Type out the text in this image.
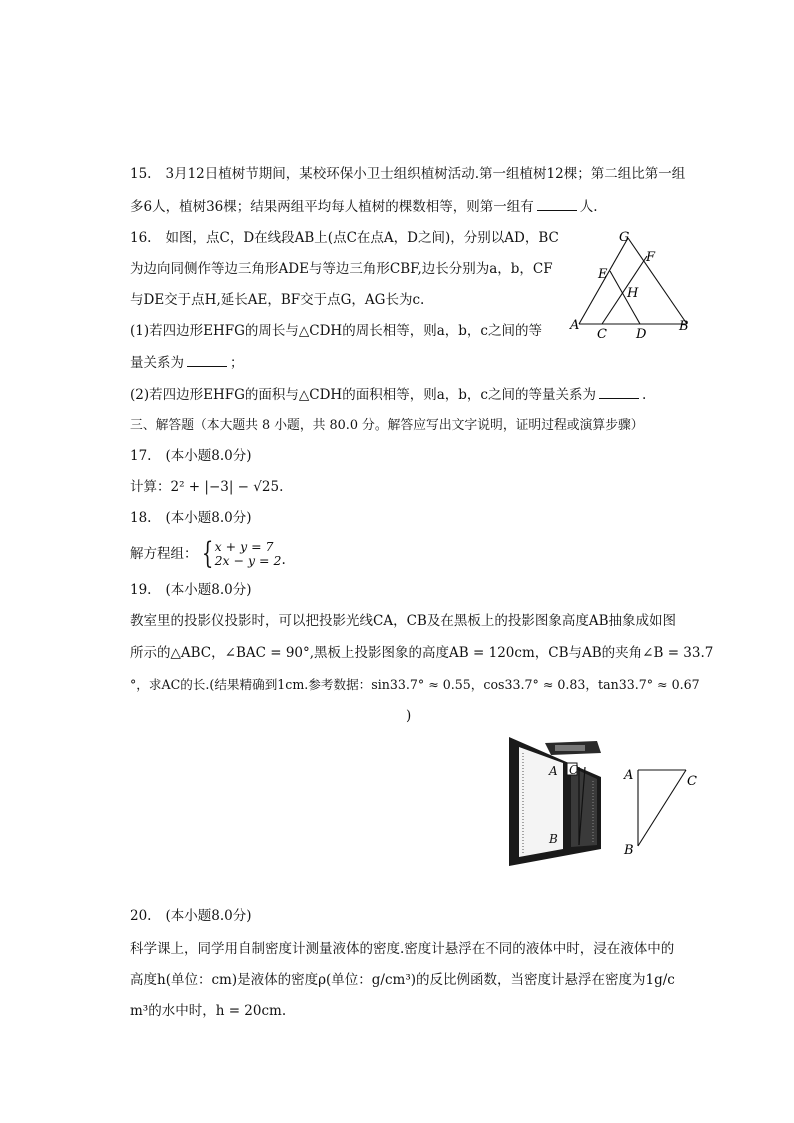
15. 3月12日植树节期间，某校环保小卫士组织植树活动.第一组植树12棵；第二组比第一组
多6人，植树36棵；结果两组平均每人植树的棵数相等，则第一组有	人.
16. 如图，点C，D在线段AB上(点C在点A，D之间)，分别以AD，BC
为边向同侧作等边三角形ADE与等边三角形CBF,边长分别为a，b，CF
与DE交于点H,延长AE，BF交于点G，AG长为c.
(1)若四边形EHFG的周长与△CDH的周长相等，则a，b，c之间的等
量关系为	；
(2)若四边形EHFG的面积与△CDH的面积相等，则a，b，c之间的等量关系为	.
G
F
E
H
A
C D
B
三、解答题（本大题共 8 小题，共 80.0 分。解答应写出文字说明，证明过程或演算步骤）
17. (本小题8.0分)
计算：2² + |−3| − √25.
18. (本小题8.0分)
解方程组： { x + y = 7
2x − y = 2 .
19. (本小题8.0分)
教室里的投影仪投影时，可以把投影光线CA，CB及在黑板上的投影图象高度AB抽象成如图
所示的△ABC，∠BAC = 90°,黑板上投影图象的高度AB = 120cm，CB与AB的夹角∠B = 33.7
°，求AC的长.(结果精确到1cm.参考数据：sin33.7° ≈ 0.55，cos33.7° ≈ 0.83，tan33.7° ≈ 0.67
)
A C
B
A	C
B
20. (本小题8.0分)
科学课上，同学用自制密度计测量液体的密度.密度计悬浮在不同的液体中时，浸在液体中的
高度h(单位：cm)是液体的密度ρ(单位：g/cm³)的反比例函数，当密度计悬浮在密度为1g/c
m³的水中时，h = 20cm.
